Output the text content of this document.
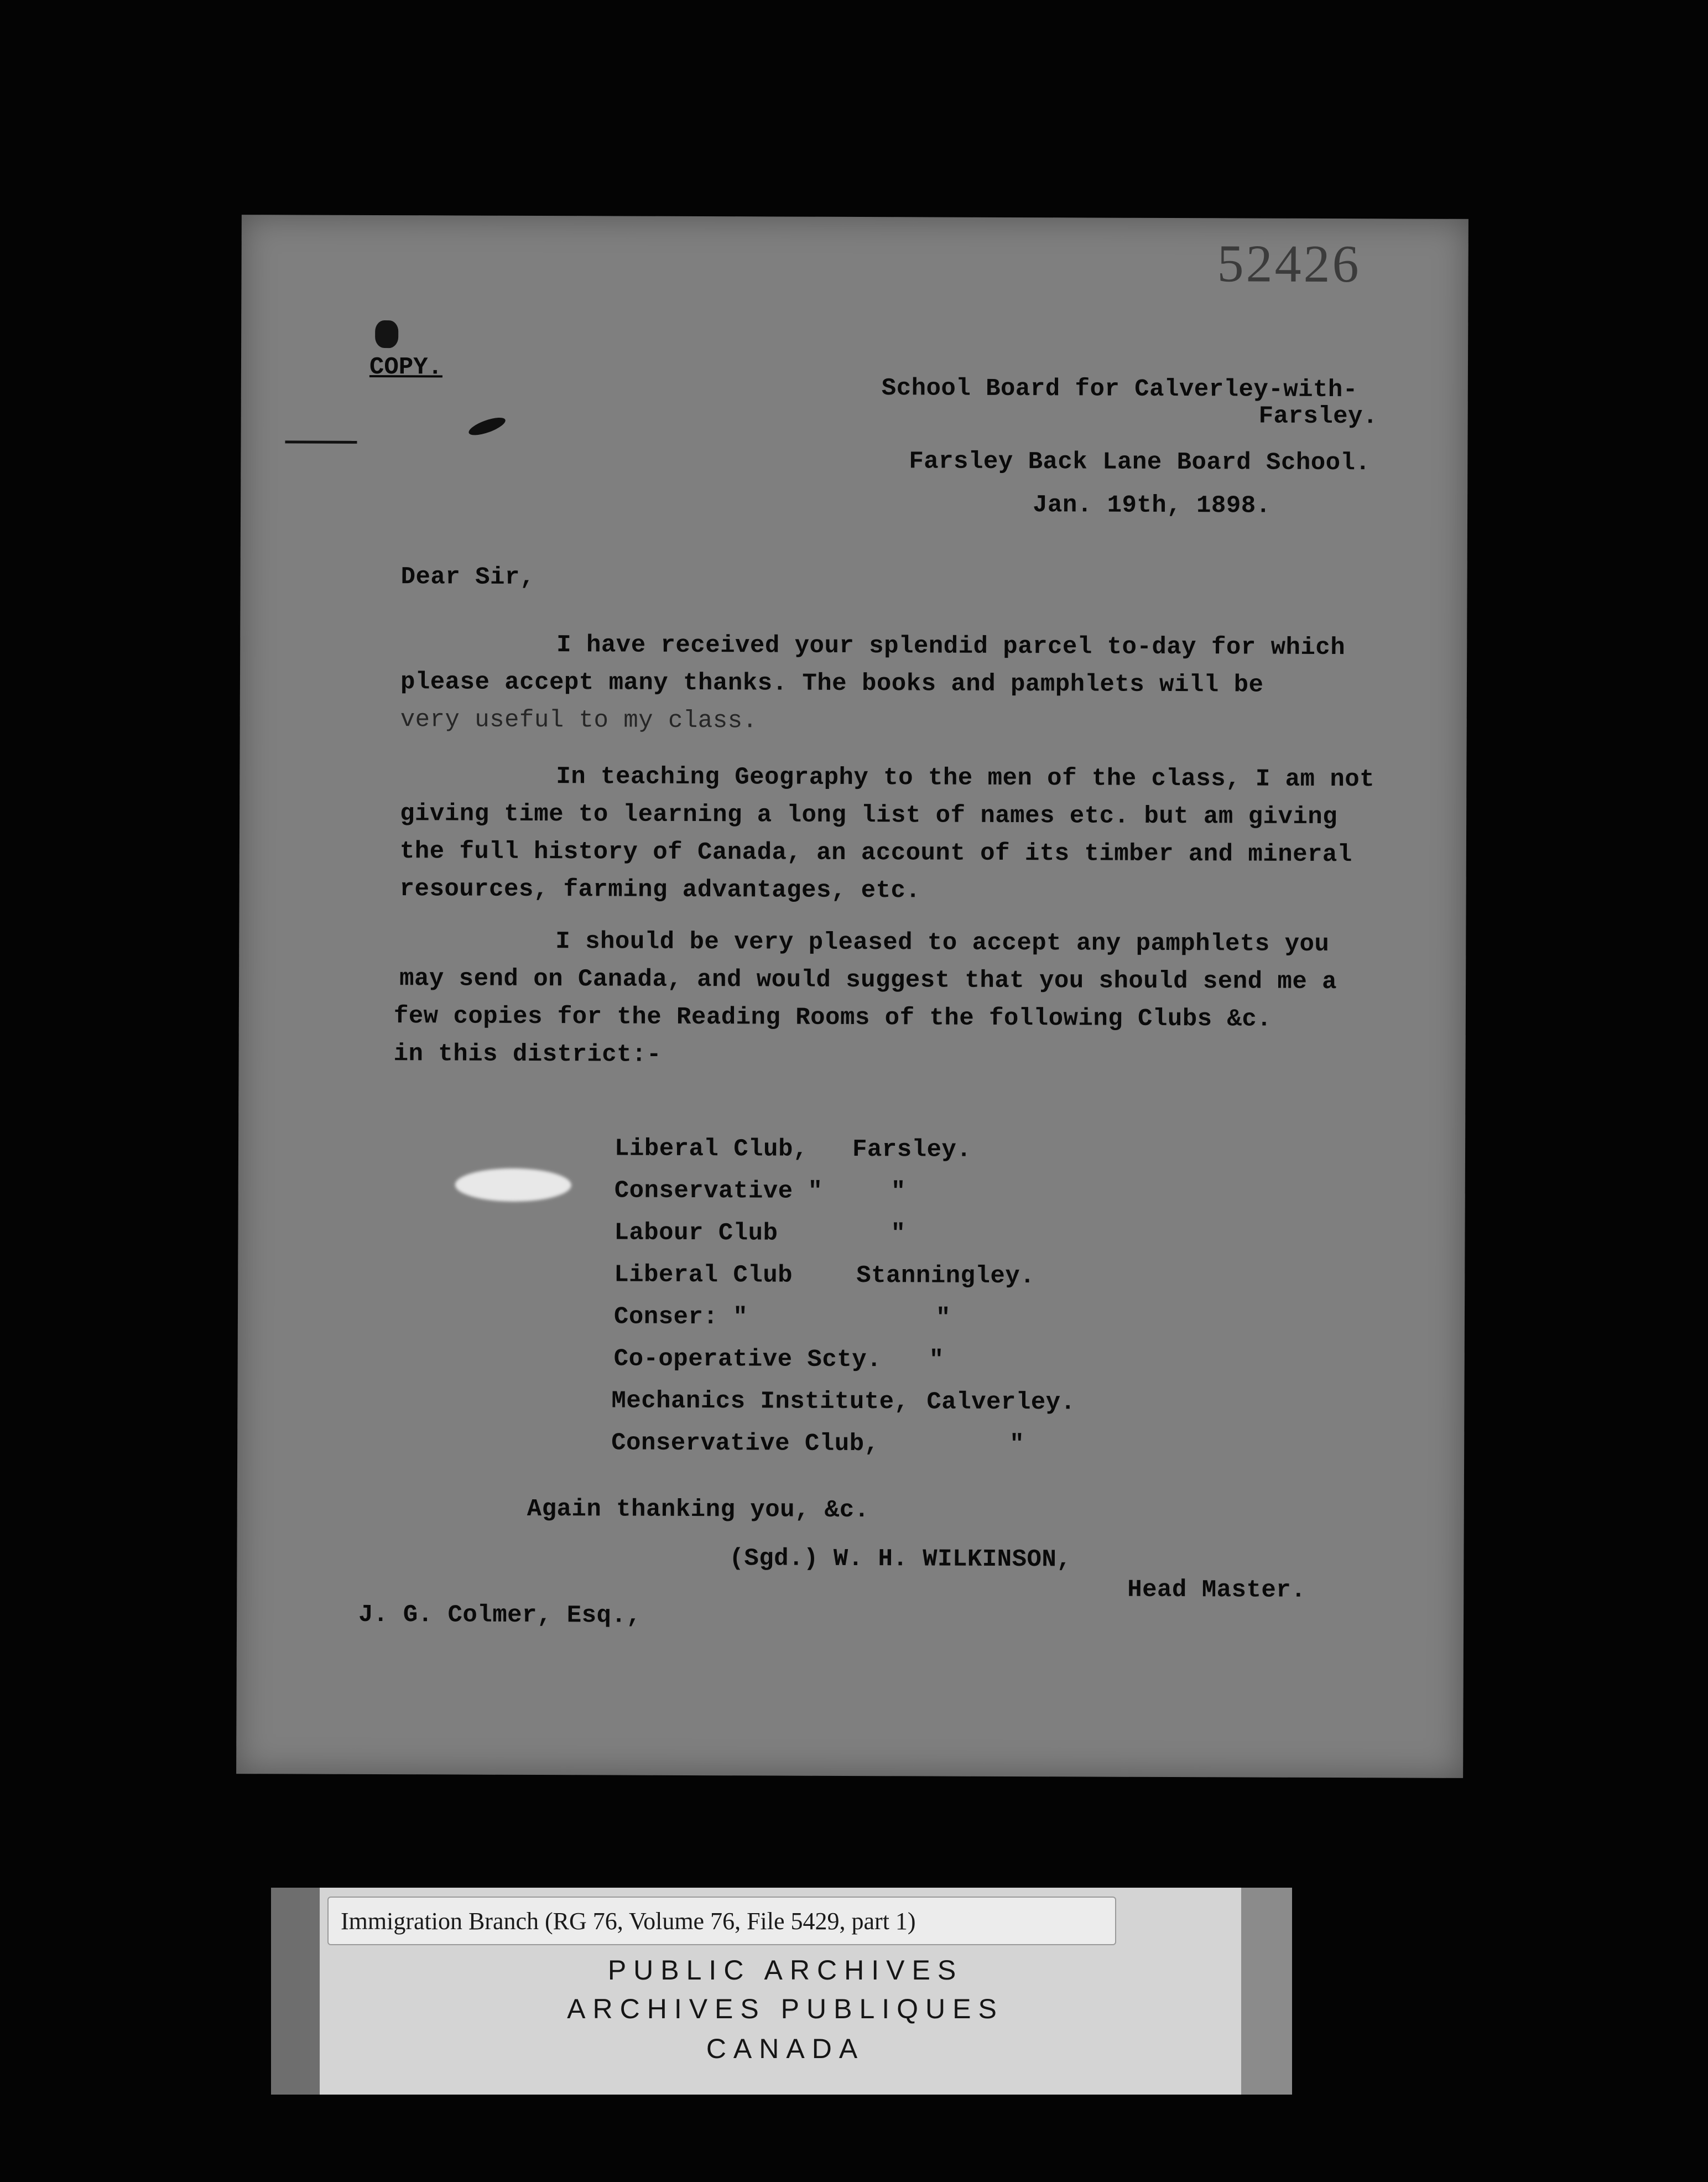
52426
COPY.
School Board for Calverley-with-
Farsley.
Farsley Back Lane Board School.
Jan. 19th, 1898.
Dear Sir,
I have received your splendid parcel to-day for which
please accept many thanks. The books and pamphlets will be
very useful to my class.
In teaching Geography to the men of the class, I am not
giving time to learning a long list of names etc. but am giving
the full history of Canada, an account of its timber and mineral
resources, farming advantages, etc.
I should be very pleased to accept any pamphlets you
may send on Canada, and would suggest that you should send me a
few copies for the Reading Rooms of the following Clubs &c.
in this district:-
Liberal Club, Farsley.
Conservative "	"
Labour Club	"
Liberal Club	Stanningley.
Conser: "	"
Co-operative Scty. "
Mechanics Institute, Calverley.
Conservative Club,	"
Again thanking you, &c.
(Sgd.) W. H. WILKINSON,
Head Master.
J. G. Colmer, Esq.,
Immigration Branch (RG 76, Volume 76, File 5429, part 1)
PUBLIC ARCHIVES
ARCHIVES PUBLIQUES
CANADA
